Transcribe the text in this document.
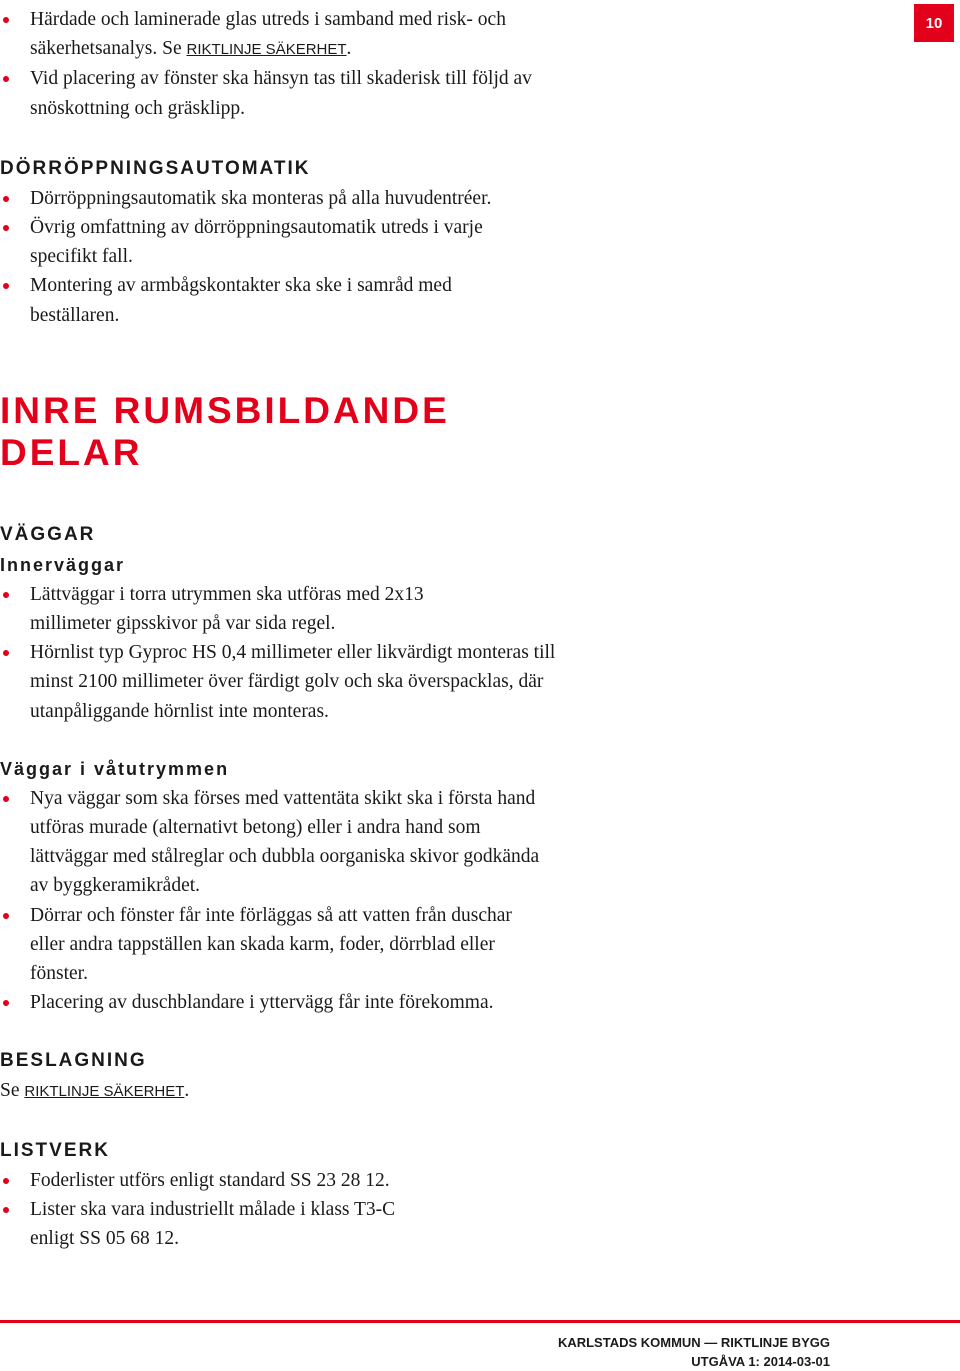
10
Härdade och laminerade glas utreds i samband med risk- och säkerhetsanalys. Se RIKTLINJE SÄKERHET.
Vid placering av fönster ska hänsyn tas till skaderisk till följd av snöskottning och gräsklipp.
DÖRRÖPPNINGSAUTOMATIK
Dörröppningsautomatik ska monteras på alla huvudentréer.
Övrig omfattning av dörröppningsautomatik utreds i varje specifikt fall.
Montering av armbågskontakter ska ske i samråd med beställaren.
INRE RUMSBILDANDE
DELAR
VÄGGAR
Innerväggar
Lättväggar i torra utrymmen ska utföras med 2x13 millimeter gipsskivor på var sida regel.
Hörnlist typ Gyproc HS 0,4 millimeter eller likvärdigt monteras till minst 2100 millimeter över färdigt golv och ska överspacklas, där utanpåliggande hörnlist inte monteras.
Väggar i våtutrymmen
Nya väggar som ska förses med vattentäta skikt ska i första hand utföras murade (alternativt betong) eller i andra hand som lättväggar med stålreglar och dubbla oorganiska skivor godkända av byggkeramikrådet.
Dörrar och fönster får inte förläggas så att vatten från duschar eller andra tappställen kan skada karm, foder, dörrblad eller fönster.
Placering av duschblandare i yttervägg får inte förekomma.
BESLAGNING

Se RIKTLINJE SÄKERHET.

LISTVERK
Foderlister utförs enligt standard SS 23 28 12.
Lister ska vara industriellt målade i klass T3-C enligt SS 05 68 12.
KARLSTADS KOMMUN — RIKTLINJE BYGG
UTGÅVA 1: 2014-03-01
